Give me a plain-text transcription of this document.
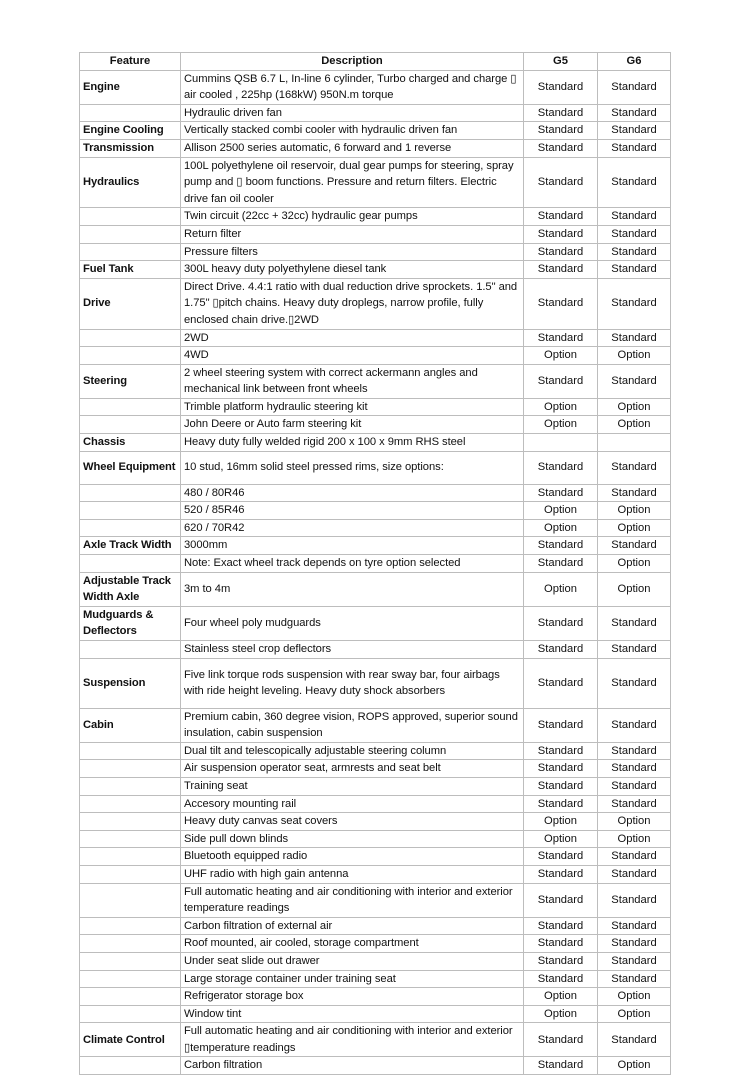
Feature	Description	G5	G6
Engine	Cummins QSB 6.7 L, In-line 6 cylinder, Turbo charged and charge ▯ air cooled , 225hp (168kW) 950N.m torque	Standard	Standard
	Hydraulic driven fan	Standard	Standard
Engine Cooling	Vertically stacked combi cooler with hydraulic driven fan	Standard	Standard
Transmission	Allison 2500 series automatic, 6 forward and 1 reverse	Standard	Standard
Hydraulics	100L polyethylene oil reservoir, dual gear pumps for steering, spray pump and ▯ boom functions. Pressure and return filters. Electric drive fan oil cooler	Standard	Standard
	Twin circuit (22cc + 32cc) hydraulic gear pumps	Standard	Standard
	Return filter	Standard	Standard
	Pressure filters	Standard	Standard
Fuel Tank	300L heavy duty polyethylene diesel tank	Standard	Standard
Drive	Direct Drive. 4.4:1 ratio with dual reduction drive sprockets. 1.5" and 1.75" ▯pitch chains. Heavy duty droplegs, narrow profile, fully enclosed chain drive.▯2WD	Standard	Standard
	2WD	Standard	Standard
	4WD	Option	Option
Steering	2 wheel steering system with correct ackermann angles and mechanical link between front wheels	Standard	Standard
	Trimble platform hydraulic steering kit	Option	Option
	John Deere or Auto farm steering kit	Option	Option
Chassis	Heavy duty fully welded rigid 200 x 100 x 9mm RHS steel		
Wheel Equipment	10 stud, 16mm solid steel pressed rims, size options:	Standard	Standard
	480 / 80R46	Standard	Standard
	520 / 85R46	Option	Option
	620 / 70R42	Option	Option
Axle Track Width	3000mm	Standard	Standard
	Note: Exact wheel track depends on tyre option selected	Standard	Option
Adjustable Track Width Axle	3m to 4m	Option	Option
Mudguards & Deflectors	Four wheel poly mudguards	Standard	Standard
	Stainless steel crop deflectors	Standard	Standard
Suspension	Five link torque rods suspension with rear sway bar, four airbags with ride height leveling. Heavy duty shock absorbers	Standard	Standard
Cabin	Premium cabin, 360 degree vision, ROPS approved, superior sound insulation, cabin suspension	Standard	Standard
	Dual tilt and telescopically adjustable steering column	Standard	Standard
	Air suspension operator seat, armrests and seat belt	Standard	Standard
	Training seat	Standard	Standard
	Accesory mounting rail	Standard	Standard
	Heavy duty canvas seat covers	Option	Option
	Side pull down blinds	Option	Option
	Bluetooth equipped radio	Standard	Standard
	UHF radio with high gain antenna	Standard	Standard
	Full automatic heating and air conditioning with interior and exterior temperature readings	Standard	Standard
	Carbon filtration of external air	Standard	Standard
	Roof mounted, air cooled, storage compartment	Standard	Standard
	Under seat slide out drawer	Standard	Standard
	Large storage container under training seat	Standard	Standard
	Refrigerator storage box	Option	Option
	Window tint	Option	Option
Climate Control	Full automatic heating and air conditioning with interior and exterior ▯temperature readings	Standard	Standard
	Carbon filtration	Standard	Option
